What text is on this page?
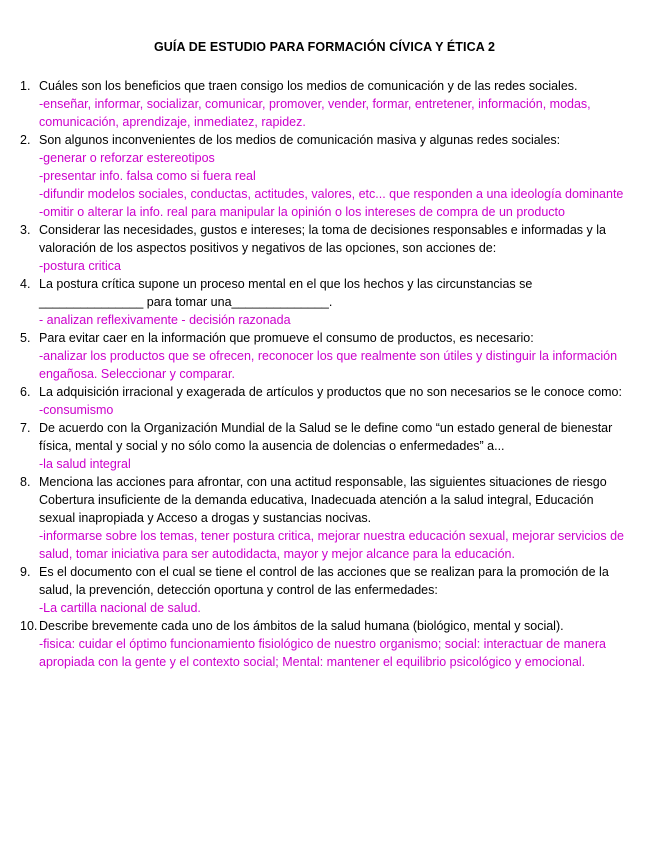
GUÍA DE ESTUDIO PARA FORMACIÓN CÍVICA Y ÉTICA 2
1. Cuáles son los beneficios que traen consigo los medios de comunicación y de las redes sociales.
-enseñar, informar, socializar, comunicar, promover, vender, formar, entretener, información, modas, comunicación, aprendizaje, inmediatez, rapidez.
2. Son algunos inconvenientes de los medios de comunicación masiva y algunas redes sociales:
-generar o reforzar estereotipos
-presentar info. falsa como si fuera real
-difundir modelos sociales, conductas, actitudes, valores, etc... que responden a una ideología dominante
-omitir o alterar la info. real para manipular la opinión o los intereses de compra de un producto
3. Considerar las necesidades, gustos e intereses; la toma de decisiones responsables e informadas y la valoración de los aspectos positivos y negativos de las opciones, son acciones de:
-postura critica
4. La postura crítica supone un proceso mental en el que los hechos y las circunstancias se _______________ para tomar una______________.
- analizan reflexivamente - decisión razonada
5. Para evitar caer en la información que promueve el consumo de productos, es necesario:
-analizar los productos que se ofrecen, reconocer los que realmente son útiles y distinguir la información engañosa. Seleccionar y comparar.
6. La adquisición irracional y exagerada de artículos y productos que no son necesarios se le conoce como:
-consumismo
7. De acuerdo con la Organización Mundial de la Salud se le define como “un estado general de bienestar física, mental y social y no sólo como la ausencia de dolencias o enfermedades” a...
-la salud integral
8. Menciona las acciones para afrontar, con una actitud responsable, las siguientes situaciones de riesgo Cobertura insuficiente de la demanda educativa, Inadecuada atención a la salud integral, Educación sexual inapropiada y Acceso a drogas y sustancias nocivas.
-informarse sobre los temas, tener postura critica, mejorar nuestra educación sexual, mejorar servicios de salud, tomar iniciativa para ser autodidacta, mayor y mejor alcance para la educación.
9. Es el documento con el cual se tiene el control de las acciones que se realizan para la promoción de la salud, la prevención, detección oportuna y control de las enfermedades:
-La cartilla nacional de salud.
10. Describe brevemente cada uno de los ámbitos de la salud humana (biológico, mental y social).
-fisica: cuidar el óptimo funcionamiento fisiológico de nuestro organismo; social: interactuar de manera apropiada con la gente y el contexto social; Mental: mantener el equilibrio psicológico y emocional.
